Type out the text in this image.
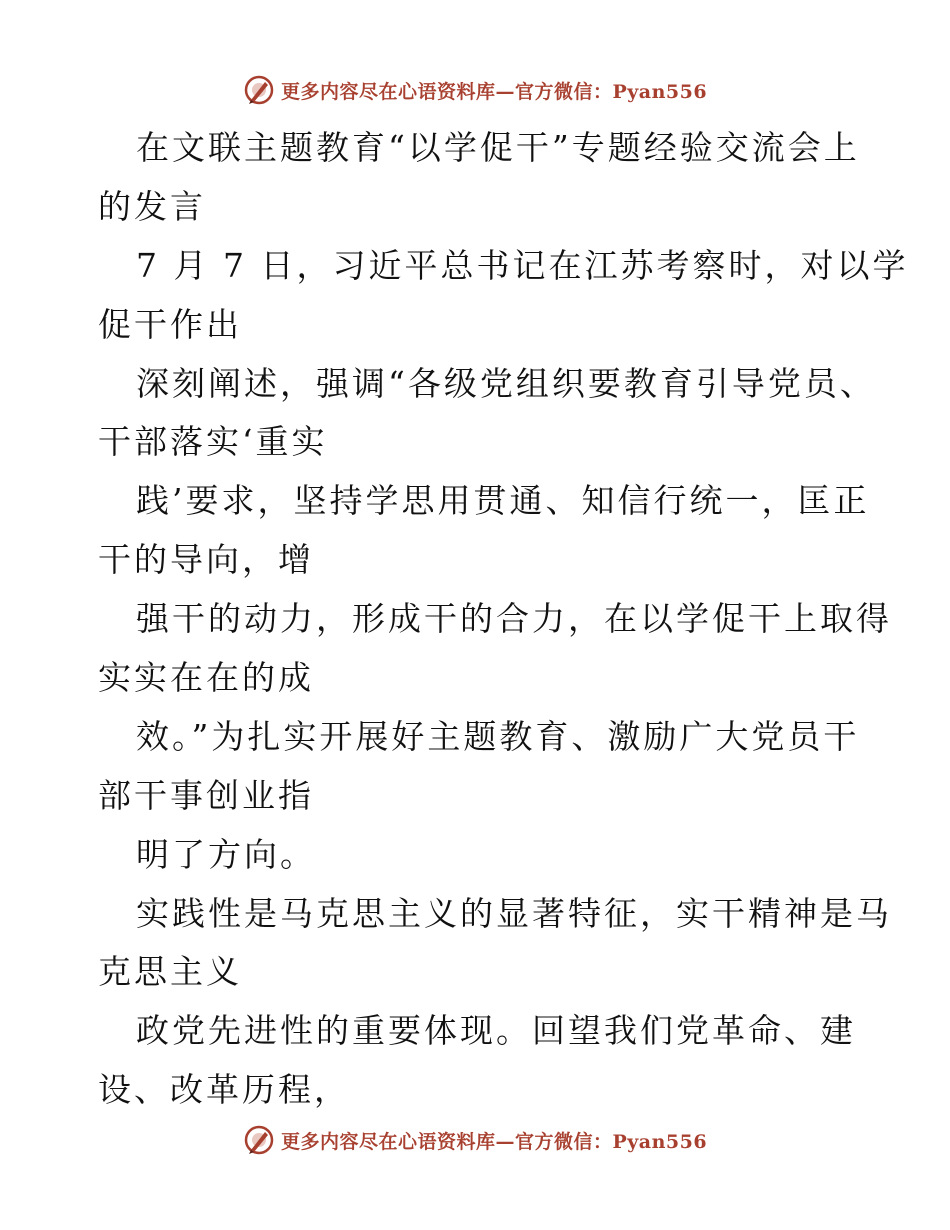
更多内容尽在心语资料库—官方微信：Pyan556
在文联主题教育“以学促干”专题经验交流会上
的发言
7 月 7 日，习近平总书记在江苏考察时，对以学
促干作出
深刻阐述，强调“各级党组织要教育引导党员、
干部落实‘重实
践’要求，坚持学思用贯通、知信行统一，匡正
干的导向，增
强干的动力，形成干的合力，在以学促干上取得
实实在在的成
效。”为扎实开展好主题教育、激励广大党员干
部干事创业指
明了方向。
实践性是马克思主义的显著特征，实干精神是马
克思主义
政党先进性的重要体现。回望我们党革命、建
设、改革历程，
更多内容尽在心语资料库—官方微信：Pyan556
